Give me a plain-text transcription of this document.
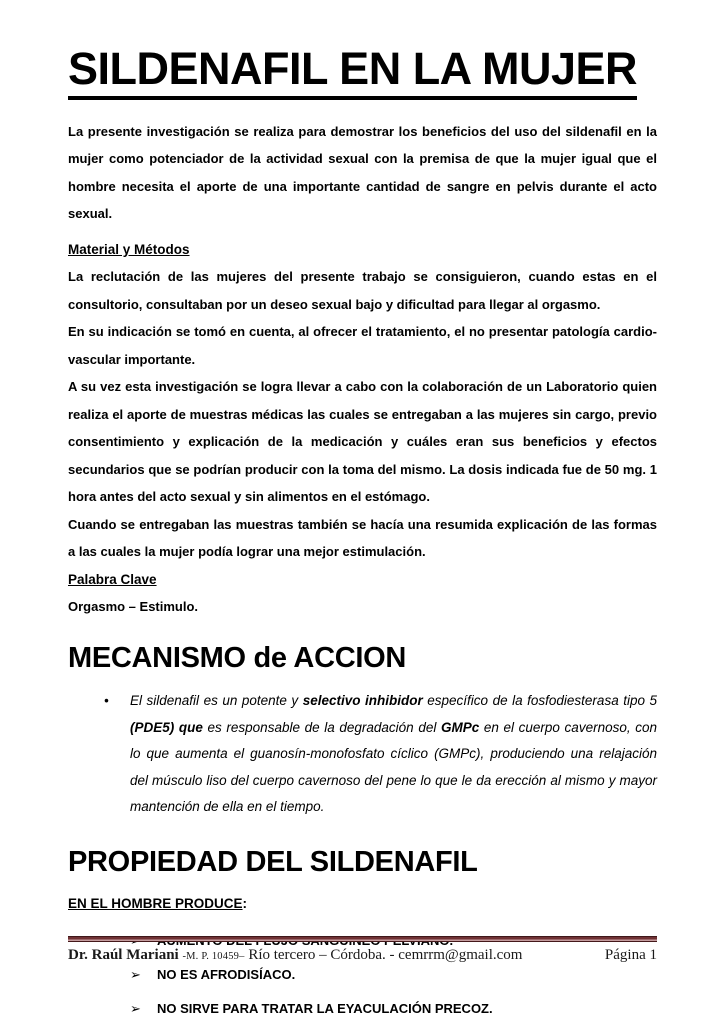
SILDENAFIL EN LA MUJER

La presente investigación se realiza para demostrar los beneficios del uso del sildenafil en la mujer como potenciador de la actividad sexual con la premisa de que la mujer igual que el hombre necesita el aporte de una importante cantidad de sangre en pelvis durante el acto sexual.

Material y Métodos

La reclutación de las mujeres del presente trabajo se consiguieron, cuando estas en el consultorio, consultaban por un deseo sexual bajo y dificultad para llegar al orgasmo.

En su indicación se tomó en cuenta, al ofrecer el tratamiento, el no presentar patología cardio-vascular importante.

A su vez esta investigación se logra llevar a cabo con la colaboración de un Laboratorio quien realiza el aporte de muestras médicas las cuales se entregaban a las mujeres sin cargo, previo consentimiento y explicación de la medicación y cuáles eran sus beneficios y efectos secundarios que se podrían producir con la toma del mismo. La dosis indicada fue de 50 mg. 1 hora antes del acto sexual y sin alimentos en el estómago.

Cuando se entregaban las muestras también se hacía una resumida explicación de las formas a las cuales la mujer podía lograr una mejor estimulación.

Palabra Clave

Orgasmo – Estimulo.

MECANISMO de ACCION
•	El sildenafil es un potente y selectivo inhibidor específico de la fosfodiesterasa tipo 5 (PDE5) que es responsable de la degradación del GMPc en el cuerpo cavernoso, con lo que aumenta el guanosín-monofosfato cíclico (GMPc), produciendo una relajación del músculo liso del cuerpo cavernoso del pene lo que le da erección al mismo y mayor mantención de ella en el tiempo.

PROPIEDAD DEL SILDENAFIL

EN EL HOMBRE PRODUCE:

➢	NO ES AFRODISÍACO.
➢	NO SIRVE PARA TRATAR LA EYACULACIÓN PRECOZ.
Dr. Raúl Mariani -M. P. 10459– Río tercero – Córdoba. - cemrrm@gmail.com	Página 1
